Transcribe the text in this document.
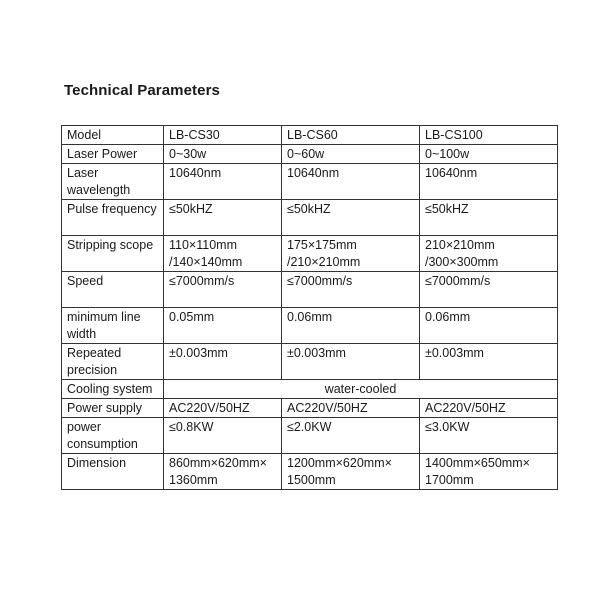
Technical Parameters
Model	LB-CS30	LB-CS60	LB-CS100
Laser Power	0~30w	0~60w	0~100w
Laser wavelength	10640nm	10640nm	10640nm
Pulse frequency	≤50kHZ	≤50kHZ	≤50kHZ
Stripping scope	110×110mm /140×140mm	175×175mm /210×210mm	210×210mm /300×300mm
Speed	≤7000mm/s	≤7000mm/s	≤7000mm/s
minimum line width	0.05mm	0.06mm	0.06mm
Repeated precision	±0.003mm	±0.003mm	±0.003mm
Cooling system	water-cooled		
Power supply	AC220V/50HZ	AC220V/50HZ	AC220V/50HZ
power consumption	≤0.8KW	≤2.0KW	≤3.0KW
Dimension	860mm×620mm× 1360mm	1200mm×620mm× 1500mm	1400mm×650mm× 1700mm
